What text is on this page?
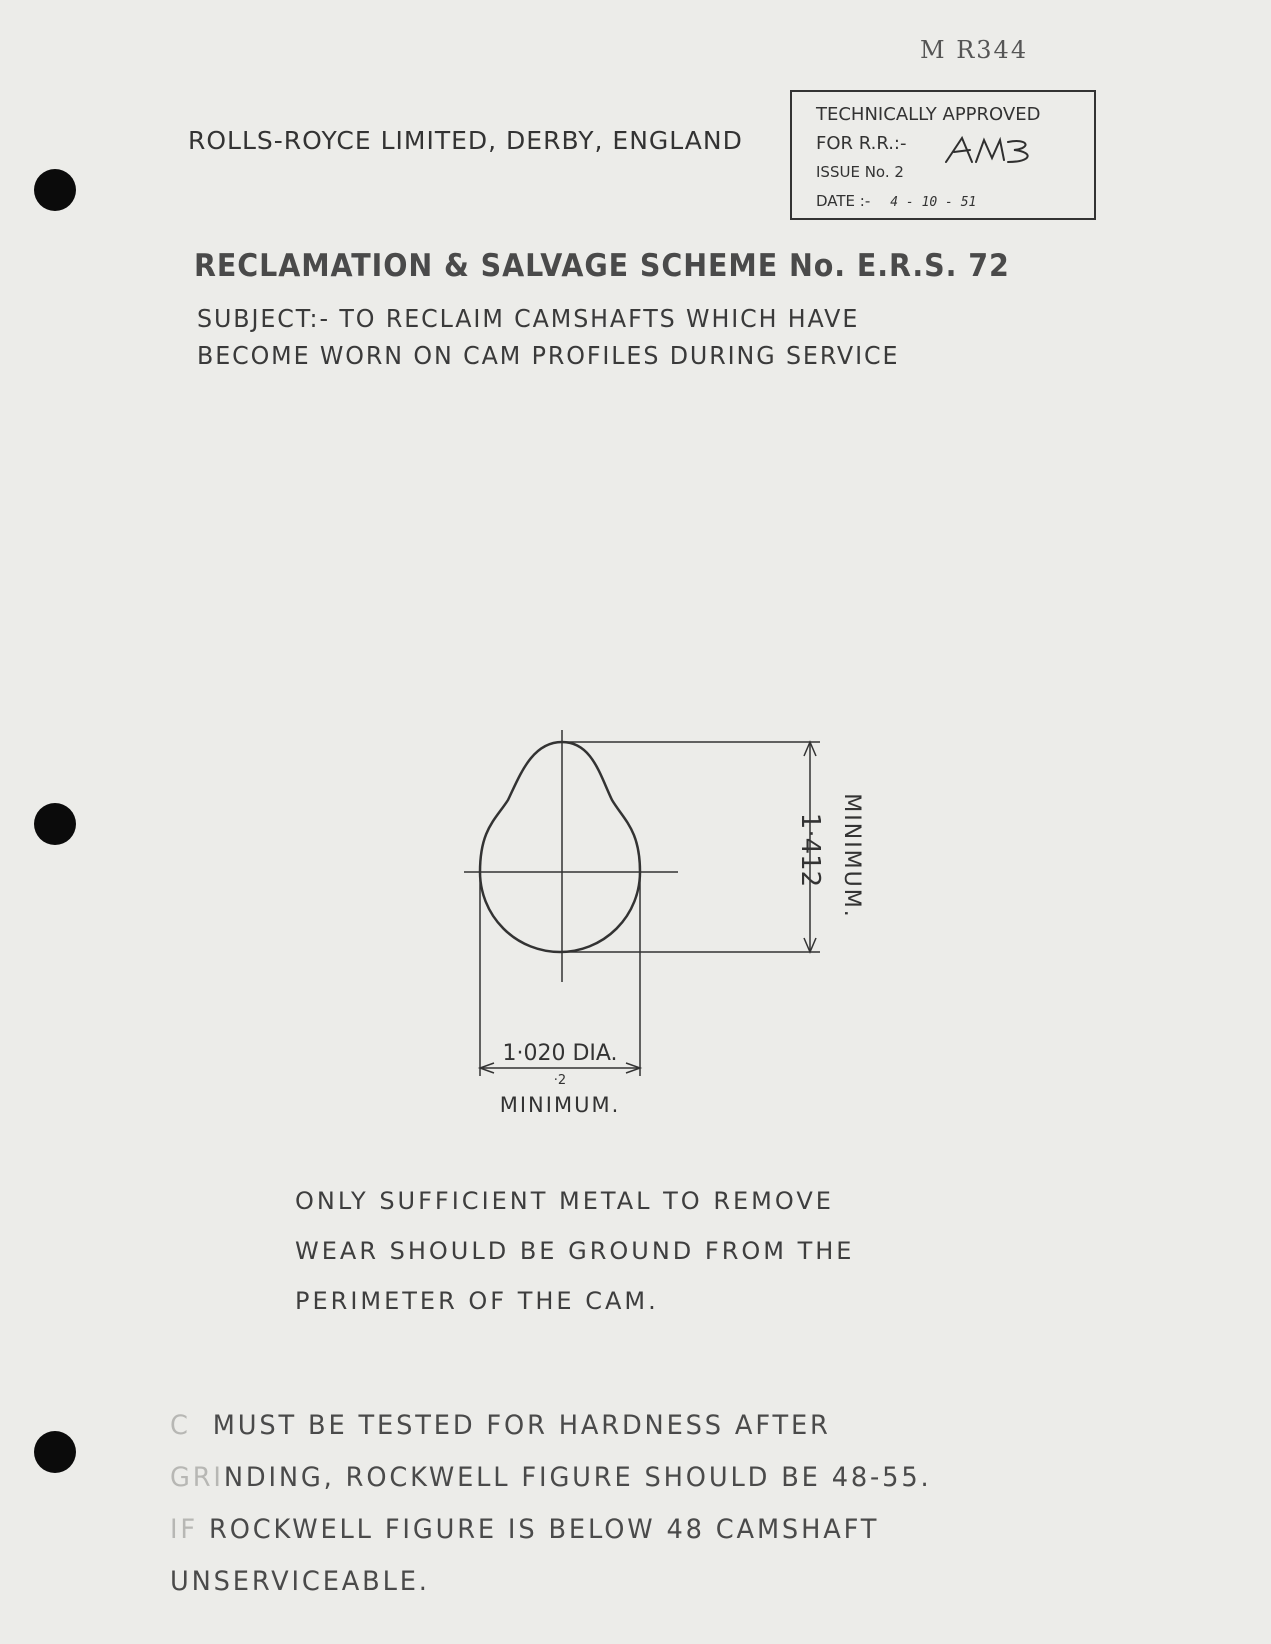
M R344
ROLLS-ROYCE LIMITED, DERBY, ENGLAND
TECHNICALLY APPROVED
FOR R.R.:-
ISSUE No. 2
DATE :- 4 - 10 - 51
RECLAMATION & SALVAGE SCHEME No. E.R.S. 72
SUBJECT:- TO RECLAIM CAMSHAFTS WHICH HAVE
BECOME WORN ON CAM PROFILES DURING SERVICE
1·412 MINIMUM.
1·020 DIA.
·2
MINIMUM.
ONLY SUFFICIENT METAL TO REMOVE
WEAR SHOULD BE GROUND FROM THE
PERIMETER OF THE CAM.
C MUST BE TESTED FOR HARDNESS AFTER
GRINDING, ROCKWELL FIGURE SHOULD BE 48-55.
IF ROCKWELL FIGURE IS BELOW 48 CAMSHAFT
UNSERVICEABLE.
